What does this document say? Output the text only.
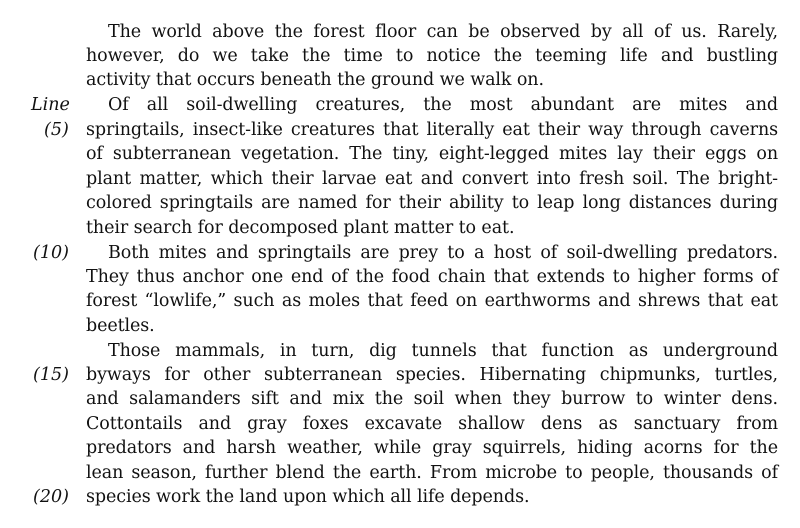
Line
(5)
(10)
(15)
(20)
The world above the forest floor can be observed by all of us. Rarely,
however, do we take the time to notice the teeming life and bustling
activity that occurs beneath the ground we walk on.
Of all soil-dwelling creatures, the most abundant are mites and
springtails, insect-like creatures that literally eat their way through caverns
of subterranean vegetation. The tiny, eight-legged mites lay their eggs on
plant matter, which their larvae eat and convert into fresh soil. The bright-
colored springtails are named for their ability to leap long distances during
their search for decomposed plant matter to eat.
Both mites and springtails are prey to a host of soil-dwelling predators.
They thus anchor one end of the food chain that extends to higher forms of
forest “lowlife,” such as moles that feed on earthworms and shrews that eat
beetles.
Those mammals, in turn, dig tunnels that function as underground
byways for other subterranean species. Hibernating chipmunks, turtles,
and salamanders sift and mix the soil when they burrow to winter dens.
Cottontails and gray foxes excavate shallow dens as sanctuary from
predators and harsh weather, while gray squirrels, hiding acorns for the
lean season, further blend the earth. From microbe to people, thousands of
species work the land upon which all life depends.
